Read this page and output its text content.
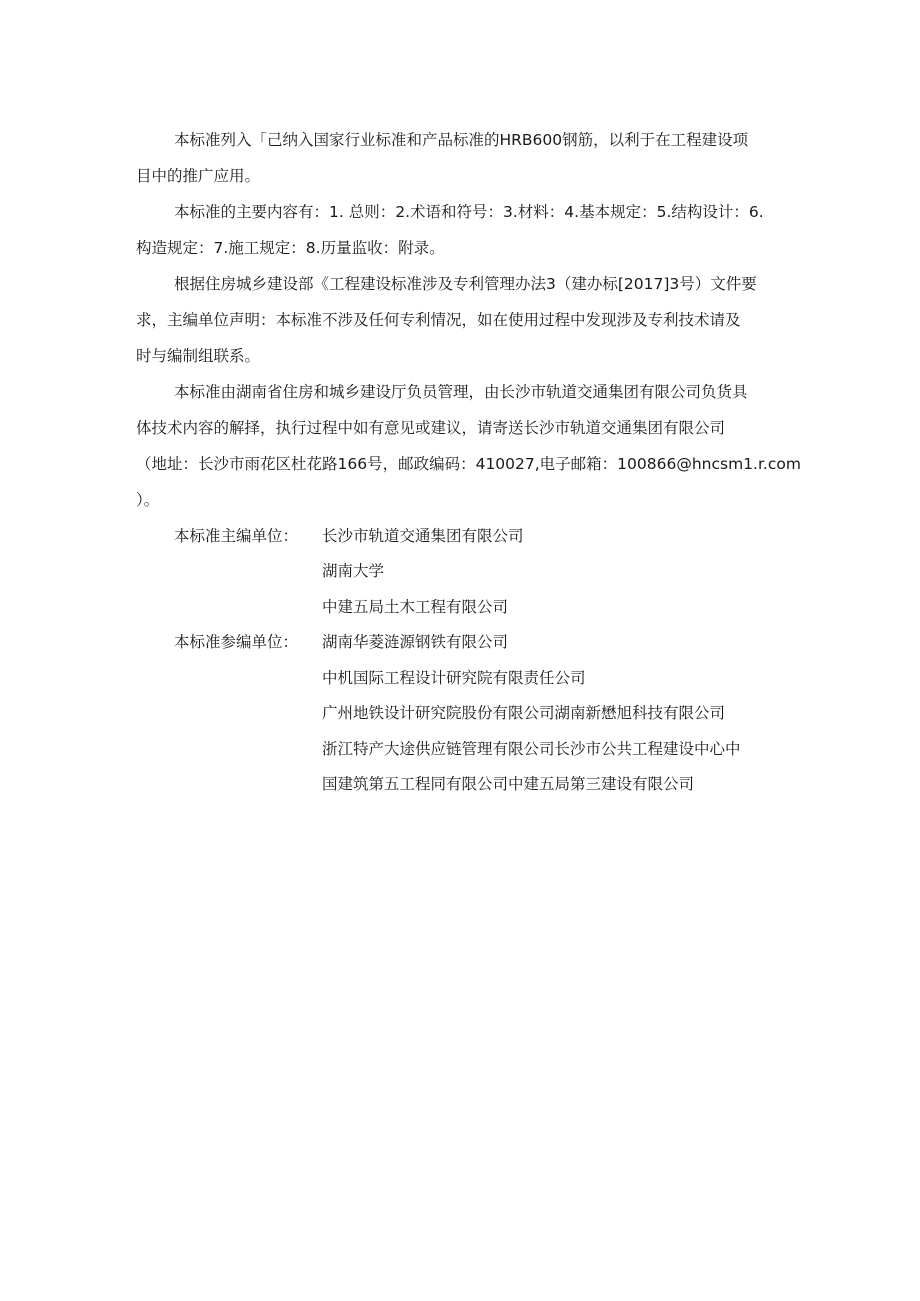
本标准列入「己纳入国家行业标准和产品标准的HRB600钢筋，以利于在工程建设项
目中的推广应用。
本标准的主要内容有：1. 总则：2.术语和符号：3.材料：4.基本规定：5.结构设计：6.
构造规定：7.施工规定：8.历量监收：附录。
根据住房城乡建设部《工程建设标准涉及专利管理办法3（建办标[2017]3号）文件要
求，主编单位声明：本标准不涉及任何专利情况，如在使用过程中发现涉及专利技术请及
时与编制组联系。
本标准由湖南省住房和城乡建设厅负员管理，由长沙市轨道交通集团有限公司负货具
体技术内容的解择，执行过程中如有意见或建议，请寄送长沙市轨道交通集团有限公司
（地址：长沙市雨花区杜花路166号，邮政编码：410027,电子邮箱：100866@hncsm1.r.com
）。
本标准主编单位：	长沙市轨道交通集团有限公司
湖南大学
中建五局土木工程有限公司
本标准参编单位：	湖南华菱涟源钢铁有限公司
中机国际工程设计研究院有限责任公司
广州地铁设计研究院股份有限公司湖南新懋旭科技有限公司
浙江特产大途供应链管理有限公司长沙市公共工程建设中心中
国建筑第五工程同有限公司中建五局第三建设有限公司
